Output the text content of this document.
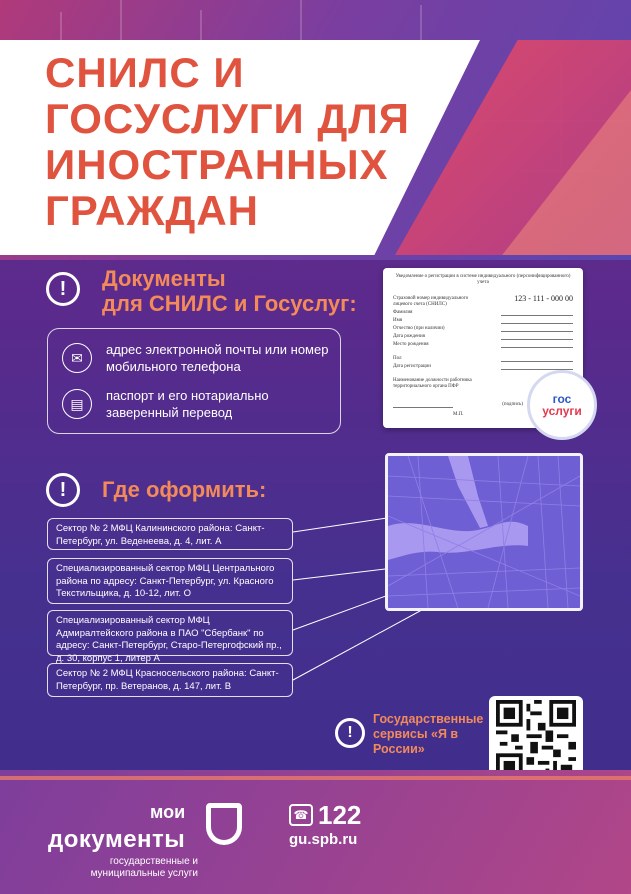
СНИЛС И
ГОСУСЛУГИ ДЛЯ
ИНОСТРАННЫХ
ГРАЖДАН
!	Документы
для СНИЛС и Госуслуг:
✉	адрес электронной почты или номер мобильного телефона
▤	паспорт и его нотариально заверенный перевод
Уведомление о регистрации в системе индивидуального (персонифицированного) учета
Страховой номер индивидуального лицевого счета (СНИЛС)
123 - 111 - 000 00
Фамилия
Имя
Отчество (при наличии)
Дата рождения
Место рождения
Пол
Дата регистрации
Наименование должности работника территориального органа ПФР
(подпись)
М.П.
гос
услуги
!	Где оформить:
Сектор № 2 МФЦ Калининского района: Санкт-Петербург, ул. Веденеева, д. 4, лит. А
Специализированный сектор МФЦ Центрального района по адресу: Санкт-Петербург, ул. Красного Текстильщика, д. 10-12, лит. О
Специализированный сектор МФЦ Адмиралтейского района в ПАО "Сбербанк" по адресу: Санкт-Петербург, Старо-Петергофский пр., д. 30, корпус 1, литер А
Сектор № 2 МФЦ Красносельского района: Санкт-Петербург, пр. Ветеранов, д. 147, лит. В
!
Государственные сервисы «Я в России»
мои
документы
государственные и муниципальные услуги
☎ 122
gu.spb.ru
